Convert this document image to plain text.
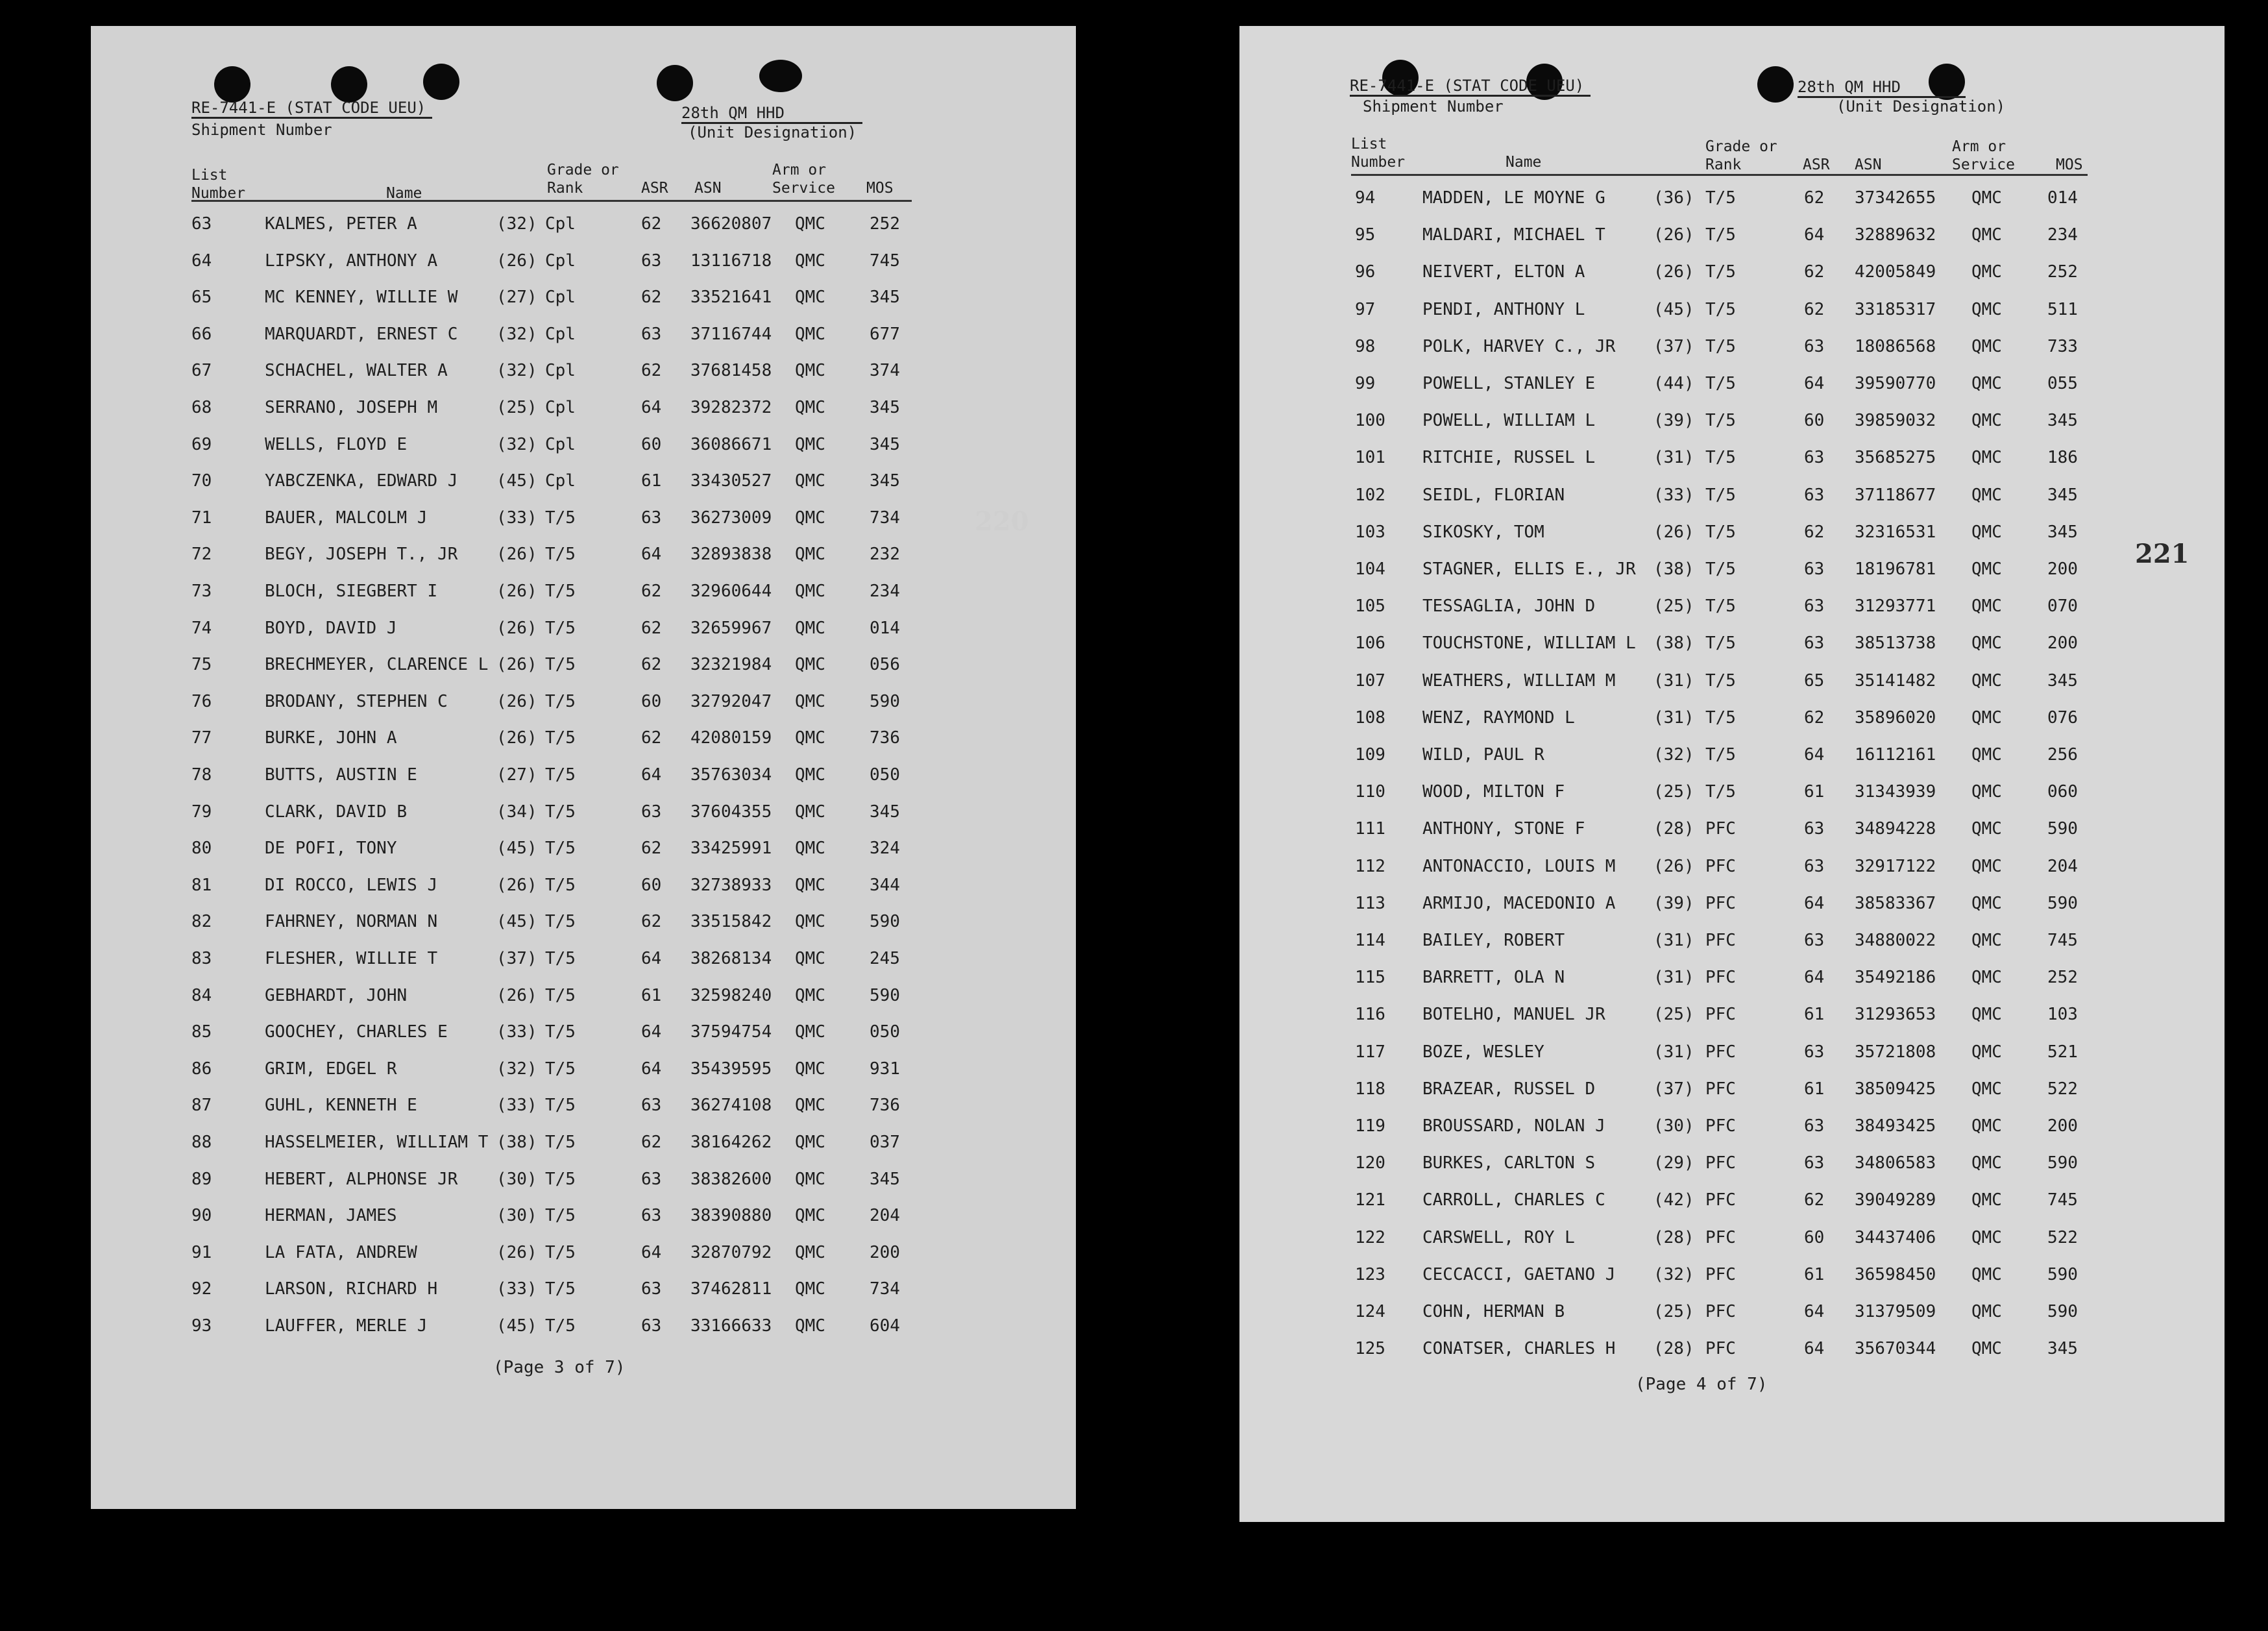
RE-7441-E (STAT CODE UEU)
Shipment Number
28th QM HHD
(Unit Designation)
List
Number	Name
Grade or
Rank	ASR ASN
Arm or
Service MOS
63	KALMES, PETER A	(32) Cpl	62 36620807 QMC	252
64	LIPSKY, ANTHONY A	(26) Cpl	63 13116718 QMC	745
65	MC KENNEY, WILLIE W (27) Cpl	62 33521641 QMC	345
66	MARQUARDT, ERNEST C (32) Cpl	63 37116744 QMC	677
67	SCHACHEL, WALTER A	(32) Cpl	62 37681458 QMC	374
68	SERRANO, JOSEPH M	(25) Cpl	64 39282372 QMC	345
69	WELLS, FLOYD E	(32) Cpl	60 36086671 QMC	345
70	YABCZENKA, EDWARD J (45) Cpl	61 33430527 QMC	345
71	BAUER, MALCOLM J	(33) T/5	63 36273009 QMC	734
72	BEGY, JOSEPH T., JR (26) T/5	64 32893838 QMC	232
73	BLOCH, SIEGBERT I	(26) T/5	62 32960644 QMC	234
74	BOYD, DAVID J	(26) T/5	62 32659967 QMC	014
75	BRECHMEYER, CLARENCE L (26) T/5	62 32321984 QMC	056
76	BRODANY, STEPHEN C	(26) T/5	60 32792047 QMC	590
77	BURKE, JOHN A	(26) T/5	62 42080159 QMC	736
78	BUTTS, AUSTIN E	(27) T/5	64 35763034 QMC	050
79	CLARK, DAVID B	(34) T/5	63 37604355 QMC	345
80	DE POFI, TONY	(45) T/5	62 33425991 QMC	324
81	DI ROCCO, LEWIS J	(26) T/5	60 32738933 QMC	344
82	FAHRNEY, NORMAN N	(45) T/5	62 33515842 QMC	590
83	FLESHER, WILLIE T	(37) T/5	64 38268134 QMC	245
84	GEBHARDT, JOHN	(26) T/5	61 32598240 QMC	590
85	GOOCHEY, CHARLES E	(33) T/5	64 37594754 QMC	050
86	GRIM, EDGEL R	(32) T/5	64 35439595 QMC	931
87	GUHL, KENNETH E	(33) T/5	63 36274108 QMC	736
88	HASSELMEIER, WILLIAM T (38) T/5	62 38164262 QMC	037
89	HEBERT, ALPHONSE JR (30) T/5	63 38382600 QMC	345
90	HERMAN, JAMES	(30) T/5	63 38390880 QMC	204
91	LA FATA, ANDREW	(26) T/5	64 32870792 QMC	200
92	LARSON, RICHARD H	(33) T/5	63 37462811 QMC	734
93	LAUFFER, MERLE J	(45) T/5	63 33166633 QMC	604
(Page 3 of 7)
220
RE-7441-E (STAT CODE UEU)
Shipment Number
28th QM HHD
(Unit Designation)
List
Number	Name
Grade or
Rank	ASR ASN
Arm or
Service	MOS
94	MADDEN, LE MOYNE G	(36) T/5	62 37342655 QMC	014
95	MALDARI, MICHAEL T	(26) T/5	64 32889632 QMC	234
96	NEIVERT, ELTON A	(26) T/5	62 42005849 QMC	252
97	PENDI, ANTHONY L	(45) T/5	62 33185317 QMC	511
98	POLK, HARVEY C., JR (37) T/5	63 18086568 QMC	733
99	POWELL, STANLEY E	(44) T/5	64 39590770 QMC	055
100 POWELL, WILLIAM L	(39) T/5	60 39859032 QMC	345
101 RITCHIE, RUSSEL L	(31) T/5	63 35685275 QMC	186
102 SEIDL, FLORIAN	(33) T/5	63 37118677 QMC	345
103 SIKOSKY, TOM	(26) T/5	62 32316531 QMC	345
104 STAGNER, ELLIS E., JR (38) T/5	63 18196781 QMC	200
105 TESSAGLIA, JOHN D	(25) T/5	63 31293771 QMC	070
106 TOUCHSTONE, WILLIAM L (38) T/5	63 38513738 QMC	200
107 WEATHERS, WILLIAM M (31) T/5	65 35141482 QMC	345
108 WENZ, RAYMOND L	(31) T/5	62 35896020 QMC	076
109 WILD, PAUL R	(32) T/5	64 16112161 QMC	256
110 WOOD, MILTON F	(25) T/5	61 31343939 QMC	060
111 ANTHONY, STONE F	(28) PFC	63 34894228 QMC	590
112 ANTONACCIO, LOUIS M (26) PFC	63 32917122 QMC	204
113 ARMIJO, MACEDONIO A (39) PFC	64 38583367 QMC	590
114 BAILEY, ROBERT	(31) PFC	63 34880022 QMC	745
115 BARRETT, OLA N	(31) PFC	64 35492186 QMC	252
116 BOTELHO, MANUEL JR	(25) PFC	61 31293653 QMC	103
117 BOZE, WESLEY	(31) PFC	63 35721808 QMC	521
118 BRAZEAR, RUSSEL D	(37) PFC	61 38509425 QMC	522
119 BROUSSARD, NOLAN J	(30) PFC	63 38493425 QMC	200
120 BURKES, CARLTON S	(29) PFC	63 34806583 QMC	590
121 CARROLL, CHARLES C	(42) PFC	62 39049289 QMC	745
122 CARSWELL, ROY L	(28) PFC	60 34437406 QMC	522
123 CECCACCI, GAETANO J (32) PFC	61 36598450 QMC	590
124 COHN, HERMAN B	(25) PFC	64 31379509 QMC	590
125 CONATSER, CHARLES H (28) PFC	64 35670344 QMC	345
(Page 4 of 7)
221
